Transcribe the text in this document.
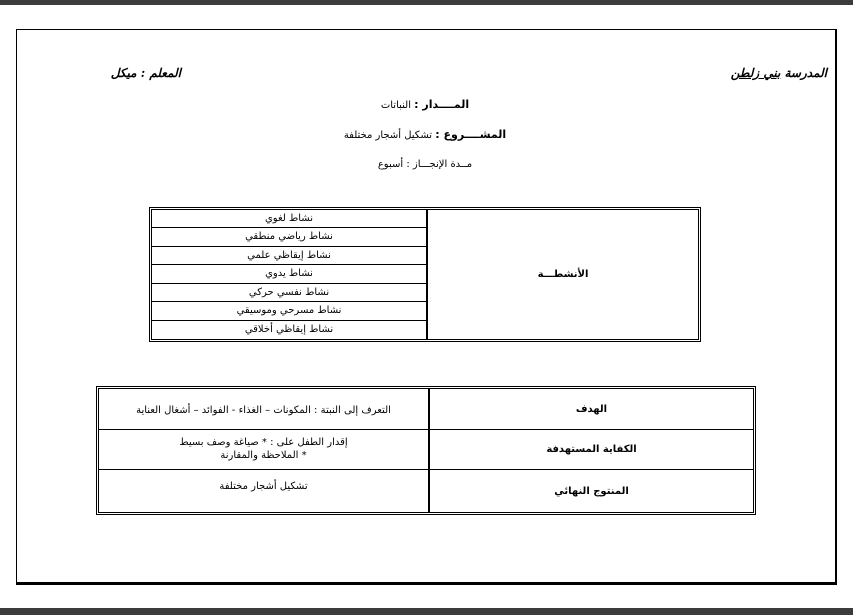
المدرسة بني زلطن
المعلم : ميكل
المــــدار : النباتات
المشــــروع : تشكيل أشجار مختلفة
مــدة الإنجـــاز : أسبوع
نشاط لغوي
نشاط رياضي منطقي
نشاط إيقاظي علمي
نشاط يدوي
نشاط نفسي حركي
نشاط مسرحي وموسيقي
نشاط إيقاظي أخلاقي
الأنشطـــة
التعرف إلى النبتة : المكونات – الغذاء - الفوائد – أشغال العناية	الهدف
إقدار الطفل على : * صياغة وصف بسيط
* الملاحظة والمقارنة
الكفاية المستهدفة
تشكيل أشجار مختلفة	المنتوج النهائي
